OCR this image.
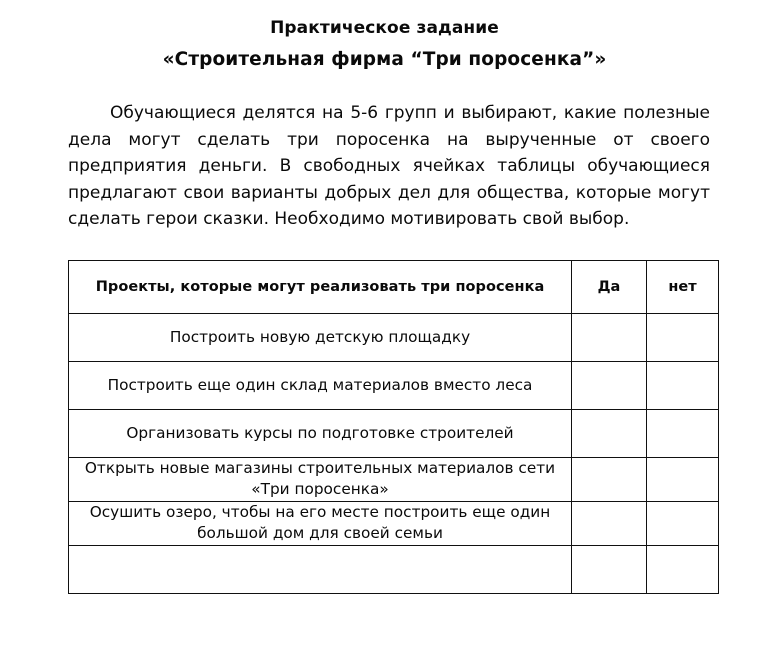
Практическое задание
«Строительная фирма “Три поросенка”»

Обучающиеся делятся на 5-6 групп и выбирают, какие полезные дела могут сделать три поросенка на вырученные от своего предприятия деньги. В свободных ячейках таблицы обучающиеся предлагают свои варианты добрых дел для общества, которые могут сделать герои сказки. Необходимо мотивировать свой выбор.

Проекты, которые могут реализовать три поросенка	Да	нет
Построить новую детскую площадку		
Построить еще один склад материалов вместо леса		
Организовать курсы по подготовке строителей		
Открыть новые магазины строительных материалов сети «Три поросенка»		
Осушить озеро, чтобы на его месте построить еще один большой дом для своей семьи		
